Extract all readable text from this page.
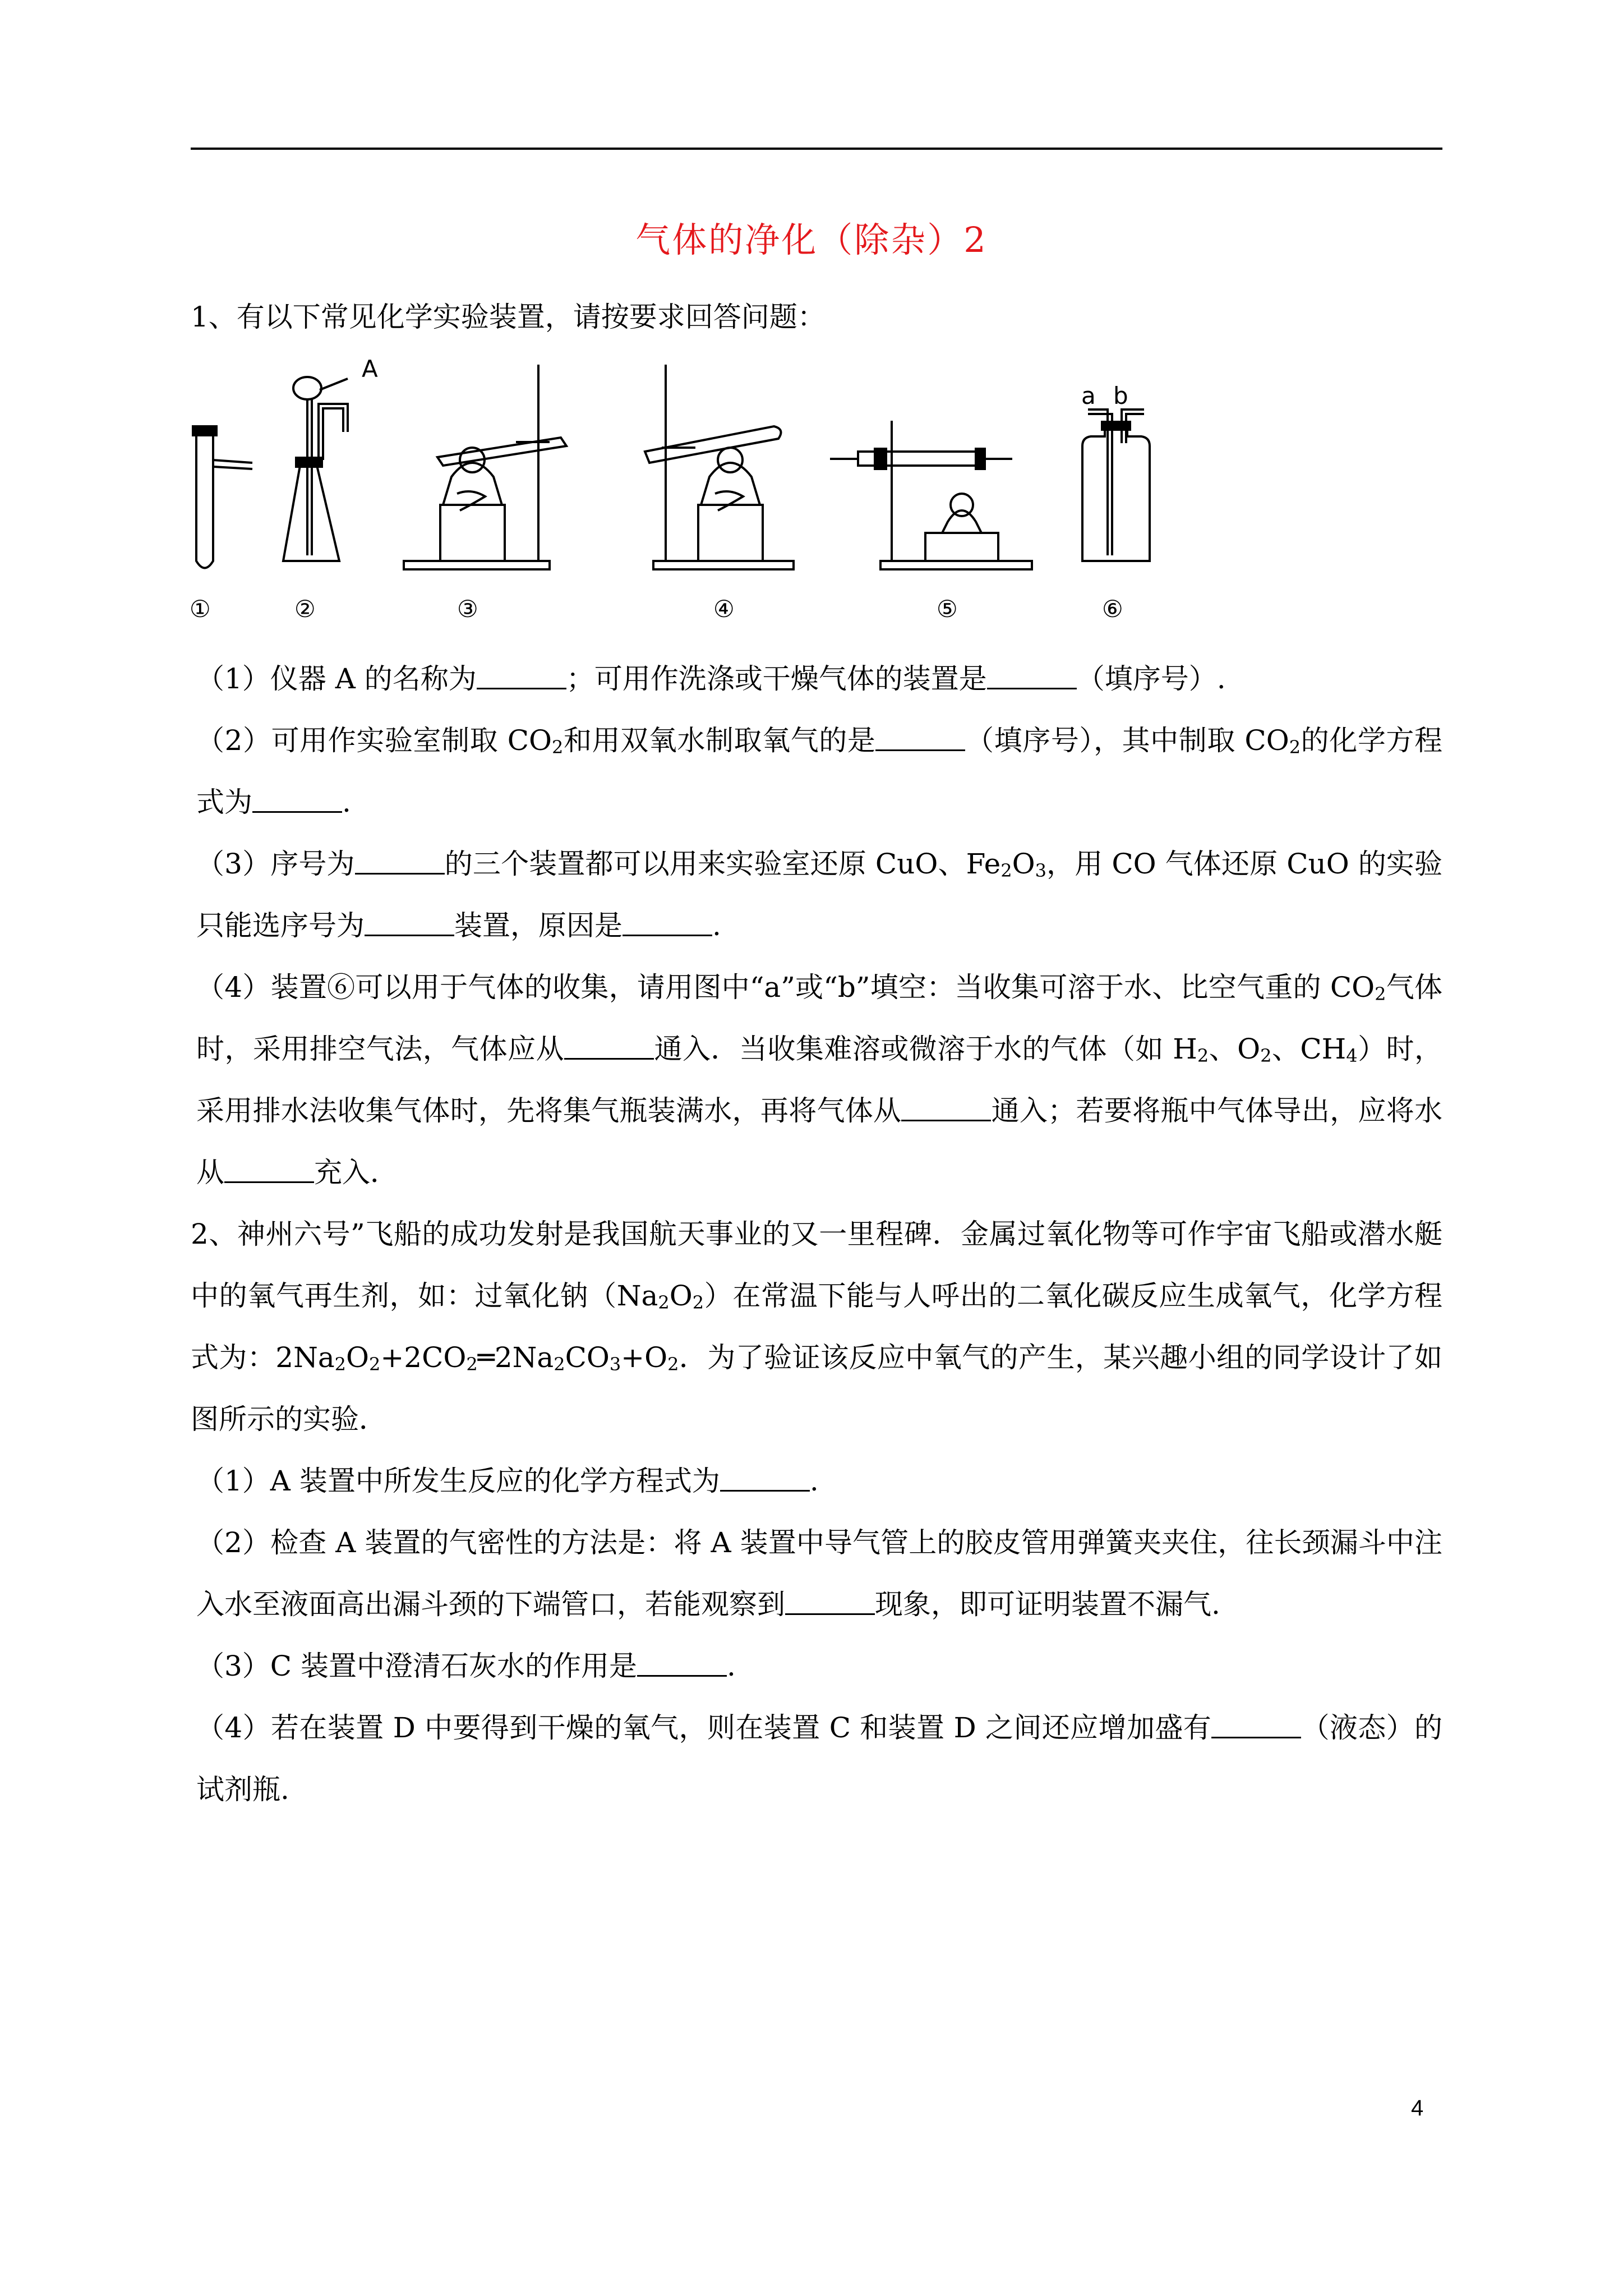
气体的净化（除杂）2
1、有以下常见化学实验装置，请按要求回答问题：
A
a b
①	②	③	④	⑤	⑥
（1）仪器 A 的名称为	；可用作洗涤或干燥气体的装置是	（填序号）.
（2）可用作实验室制取 $CO_2$和用双氧水制取氧气的是	（填序号），其中制取 $CO_2$的化学方程式为	.
（3）序号为	的三个装置都可以用来实验室还原 CuO、$Fe_2O_3$，用 CO 气体还原 CuO 的实验只能选序号为	装置，原因是	.
（4）装置⑥可以用于气体的收集，请用图中“a”或“b”填空：当收集可溶于水、比空气重的 $CO_2$气体时，采用排空气法，气体应从	通入．当收集难溶或微溶于水的气体（如 $H_2$、$O_2$、$CH_4$）时，采用排水法收集气体时，先将集气瓶装满水，再将气体从	通入；若要将瓶中气体导出，应将水从	充入．
2、神州六号”飞船的成功发射是我国航天事业的又一里程碑．金属过氧化物等可作宇宙飞船或潜水艇中的氧气再生剂，如：过氧化钠$(Na_2O_2)$在常温下能与人呼出的二氧化碳反应生成氧气，化学方程式为：$2Na_2O_2+2CO_2═2Na_2CO_3+O_2$．为了验证该反应中氧气的产生，某兴趣小组的同学设计了如图所示的实验．
（1）A 装置中所发生反应的化学方程式为	.
（2）检查 A 装置的气密性的方法是：将 A 装置中导气管上的胶皮管用弹簧夹夹住，往长颈漏斗中注入水至液面高出漏斗颈的下端管口，若能观察到	现象，即可证明装置不漏气.
（3）C 装置中澄清石灰水的作用是	.
（4）若在装置 D 中要得到干燥的氧气，则在装置 C 和装置 D 之间还应增加盛有	（液态）的试剂瓶.
4
